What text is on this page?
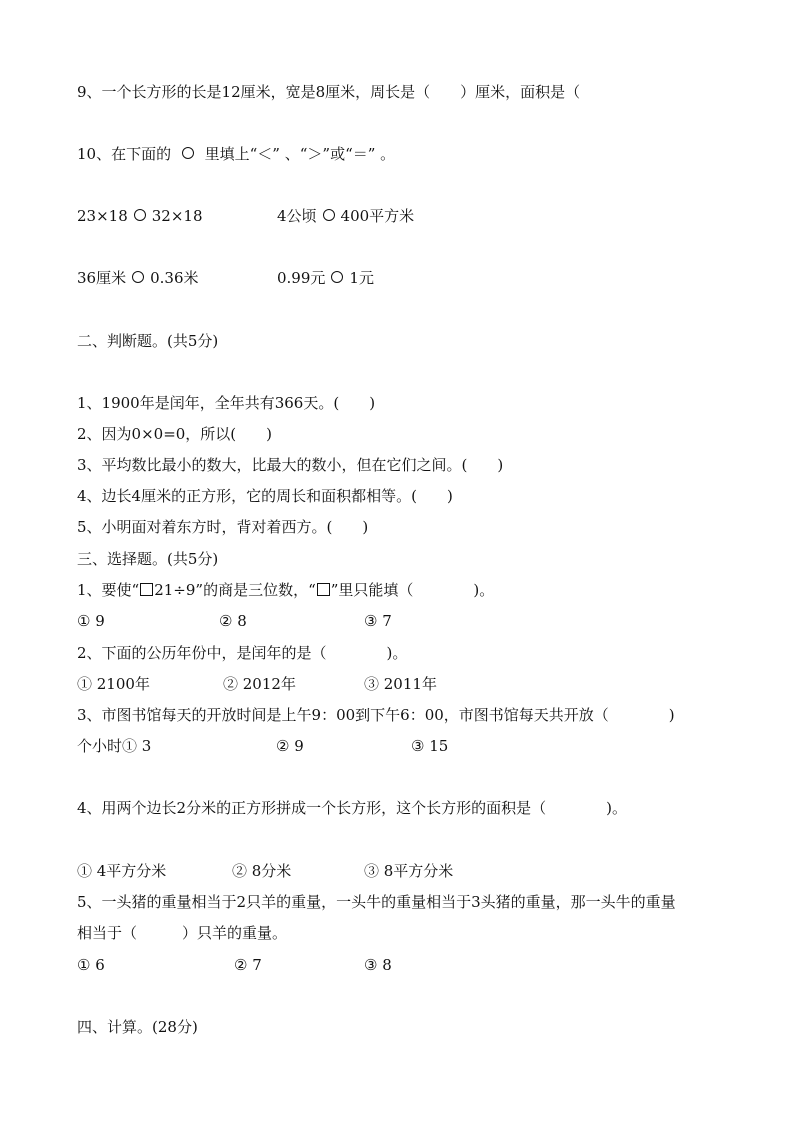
9、一个长方形的长是12厘米，宽是8厘米，周长是（　　）厘米，面积是（
10、在下面的  里填上“＜” 、“＞”或“＝” 。
23×18 32×18	4公顷 400平方米
36厘米 0.36米	0.99元 1元
二、判断题。(共5分)
1、1900年是闰年，全年共有366天。(　　)
2、因为0×0=0，所以(　　)
3、平均数比最小的数大，比最大的数小，但在它们之间。(　　)
4、边长4厘米的正方形，它的周长和面积都相等。(　　)
5、小明面对着东方时，背对着西方。(　　)
三、选择题。(共5分)
1、要使“ 21÷9”的商是三位数，“ ”里只能填（　　　　)。
① 9	② 8	③ 7
2、下面的公历年份中，是闰年的是（　　　　)。
① 2100年	② 2012年	③ 2011年
3、市图书馆每天的开放时间是上午9：00到下午6：00，市图书馆每天共开放（　　　　)
个小时① 3	② 9	③ 15
4、用两个边长2分米的正方形拼成一个长方形，这个长方形的面积是（　　　　)。
① 4平方分米	② 8分米	③ 8平方分米
5、一头猪的重量相当于2只羊的重量，一头牛的重量相当于3头猪的重量，那一头牛的重量
相当于（　　　）只羊的重量。
① 6	② 7	③ 8
四、计算。(28分)
